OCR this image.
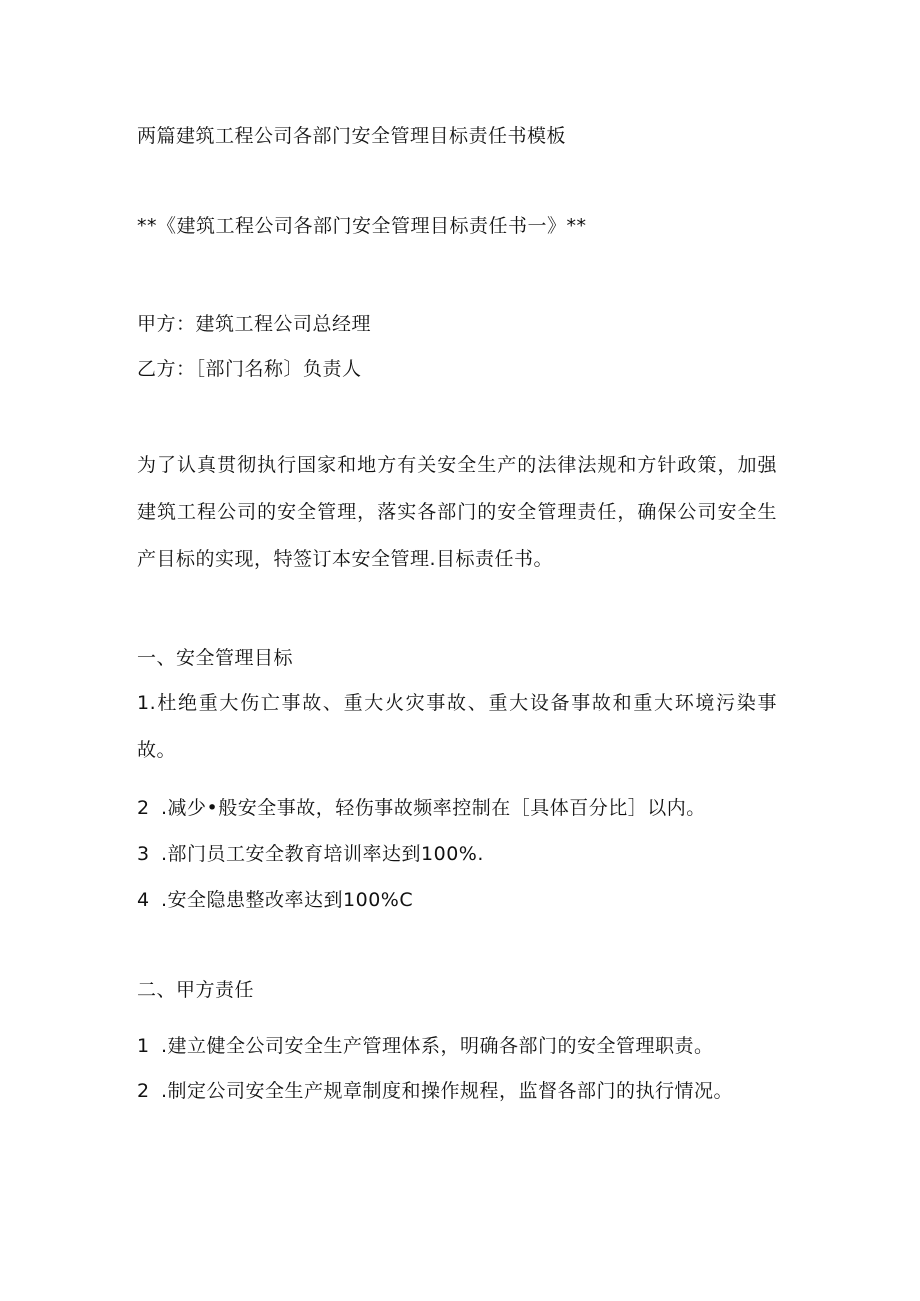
两篇建筑工程公司各部门安全管理目标责任书模板
**《建筑工程公司各部门安全管理目标责任书一》**
甲方：建筑工程公司总经理
乙方：［部门名称〕负责人
为了认真贯彻执行国家和地方有关安全生产的法律法规和方针政策，加强建筑工程公司的安全管理，落实各部门的安全管理责任，确保公司安全生产目标的实现，特签订本安全管理.目标责任书。
一、安全管理目标
1.杜绝重大伤亡事故、重大火灾事故、重大设备事故和重大环境污染事故。
2 .减少•般安全事故，轻伤事故频率控制在［具体百分比］以内。
3 .部门员工安全教育培训率达到100%.
4 .安全隐患整改率达到100%C
二、甲方责任
1 .建立健全公司安全生产管理体系，明确各部门的安全管理职责。
2 .制定公司安全生产规章制度和操作规程，监督各部门的执行情况。
